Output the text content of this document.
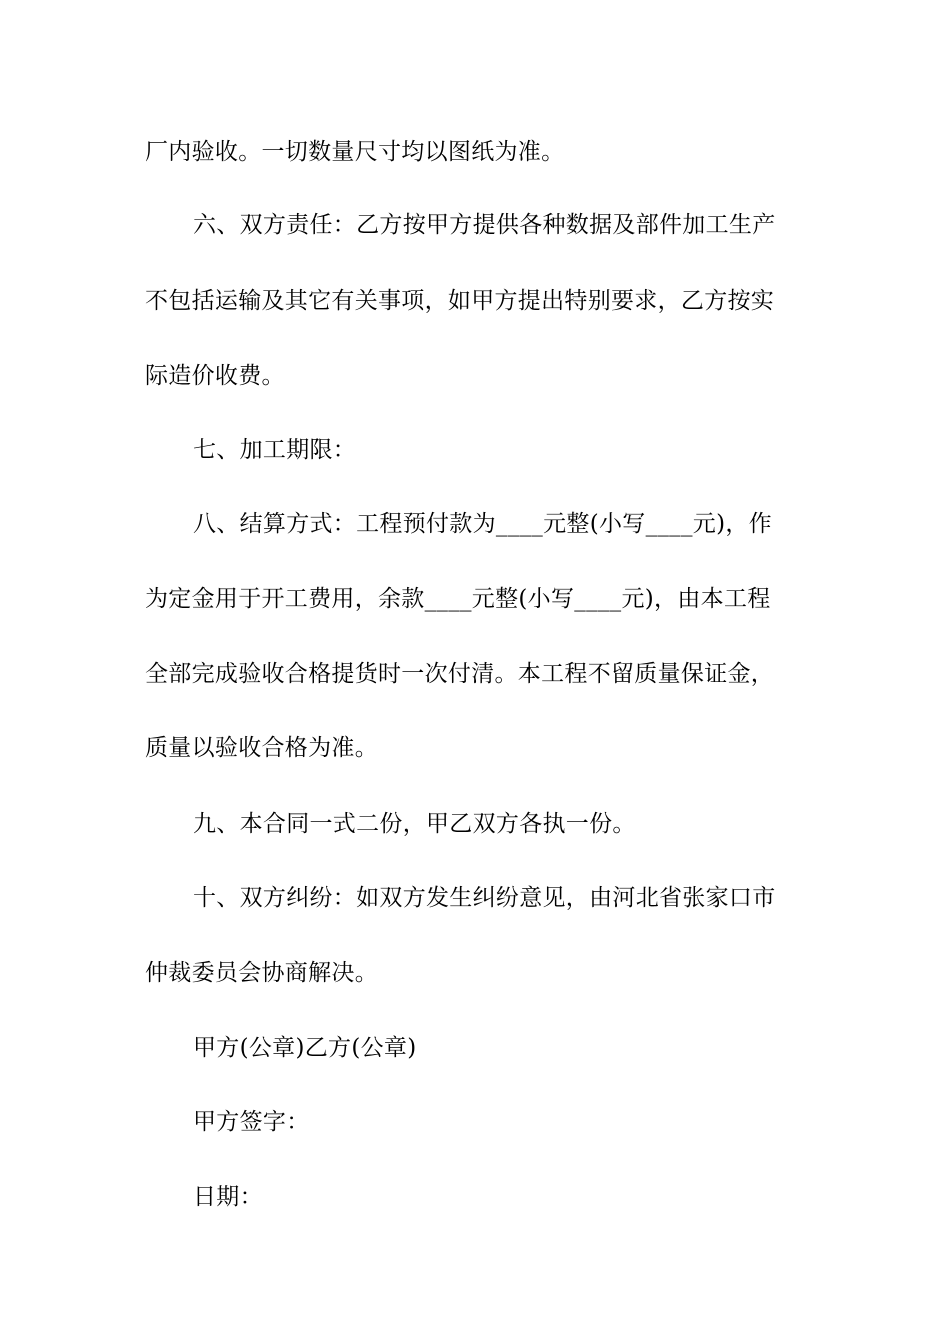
厂内验收。一切数量尺寸均以图纸为准。
六、双方责任：乙方按甲方提供各种数据及部件加工生产
不包括运输及其它有关事项，如甲方提出特别要求，乙方按实
际造价收费。
七、加工期限：
八、结算方式：工程预付款为____元整(小写____元)，作
为定金用于开工费用，余款____元整(小写____元)，由本工程
全部完成验收合格提货时一次付清。本工程不留质量保证金，
质量以验收合格为准。
九、本合同一式二份，甲乙双方各执一份。
十、双方纠纷：如双方发生纠纷意见，由河北省张家口市
仲裁委员会协商解决。
甲方(公章)乙方(公章)
甲方签字：
日期：
